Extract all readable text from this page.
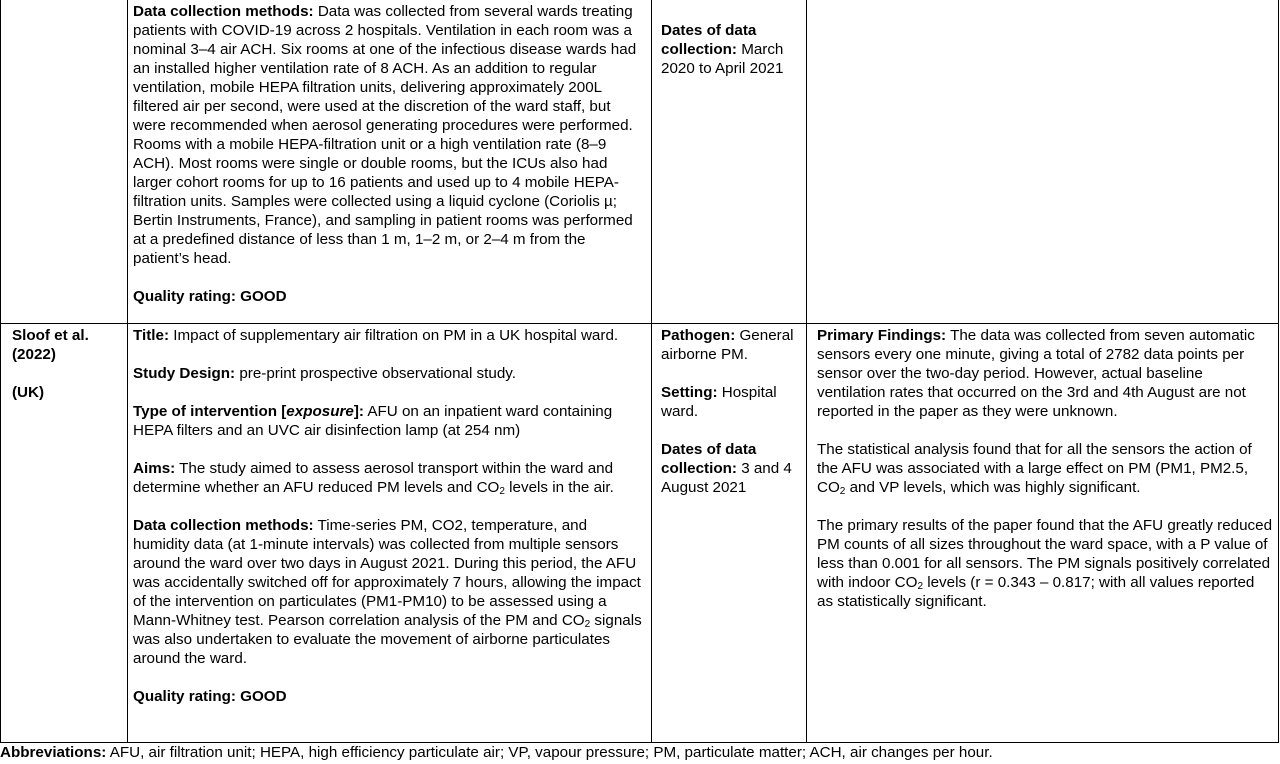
Data collection methods: Data was collected from several wards treating patients with COVID-19 across 2 hospitals. Ventilation in each room was a nominal 3–4 air ACH. Six rooms at one of the infectious disease wards had an installed higher ventilation rate of 8 ACH. As an addition to regular ventilation, mobile HEPA filtration units, delivering approximately 200L filtered air per second, were used at the discretion of the ward staff, but were recommended when aerosol generating procedures were performed. Rooms with a mobile HEPA-filtration unit or a high ventilation rate (8–9 ACH). Most rooms were single or double rooms, but the ICUs also had larger cohort rooms for up to 16 patients and used up to 4 mobile HEPA-filtration units. Samples were collected using a liquid cyclone (Coriolis µ; Bertin Instruments, France), and sampling in patient rooms was performed at a predefined distance of less than 1 m, 1–2 m, or 2–4 m from the patient’s head.

Quality rating: GOOD

Dates of data collection: March 2020 to April 2021

Sloof et al. (2022)

(UK)

Title: Impact of supplementary air filtration on PM in a UK hospital ward.

Study Design: pre-print prospective observational study.

Type of intervention [exposure]: AFU on an inpatient ward containing HEPA filters and an UVC air disinfection lamp (at 254 nm)

Aims: The study aimed to assess aerosol transport within the ward and determine whether an AFU reduced PM levels and $CO_2$ levels in the air.

Data collection methods: Time-series PM, CO2, temperature, and humidity data (at 1-minute intervals) was collected from multiple sensors around the ward over two days in August 2021. During this period, the AFU was accidentally switched off for approximately 7 hours, allowing the impact of the intervention on particulates (PM1-PM10) to be assessed using a Mann-Whitney test. Pearson correlation analysis of the PM and $CO_2$ signals was also undertaken to evaluate the movement of airborne particulates around the ward.

Quality rating: GOOD

Pathogen: General airborne PM.

Setting: Hospital ward.

Dates of data collection: 3 and 4 August 2021

Primary Findings: The data was collected from seven automatic sensors every one minute, giving a total of 2782 data points per sensor over the two-day period. However, actual baseline ventilation rates that occurred on the 3rd and 4th August are not reported in the paper as they were unknown.

The statistical analysis found that for all the sensors the action of the AFU was associated with a large effect on PM (PM1, PM2.5, $CO_2$ and VP levels, which was highly significant.

The primary results of the paper found that the AFU greatly reduced PM counts of all sizes throughout the ward space, with a P value of less than 0.001 for all sensors. The PM signals positively correlated with indoor $CO_2$ levels (r = 0.343 – 0.817; with all values reported as statistically significant.

Abbreviations: AFU, air filtration unit; HEPA, high efficiency particulate air; VP, vapour pressure; PM, particulate matter; ACH, air changes per hour.
